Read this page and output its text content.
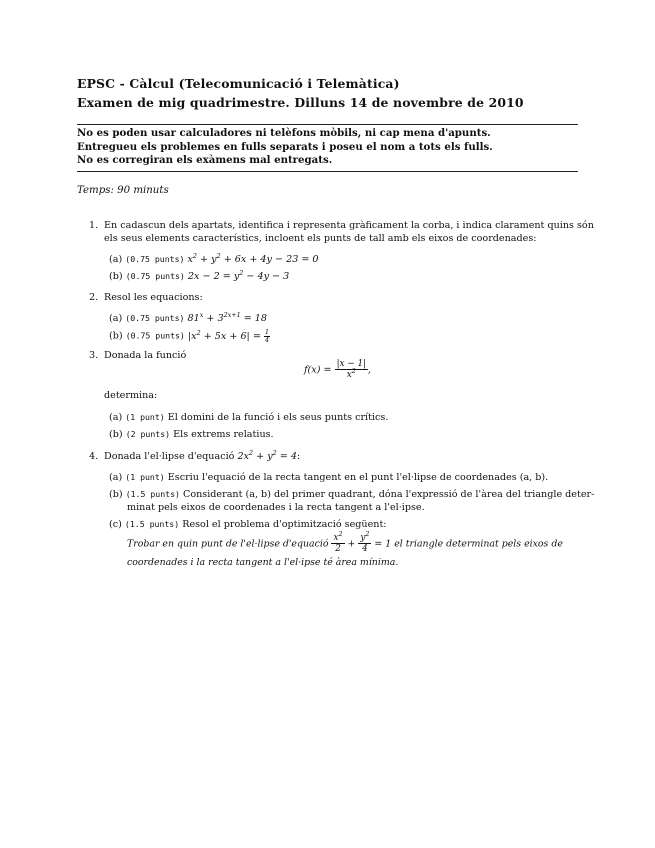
EPSC - Càlcul (Telecomunicació i Telemàtica)
Examen de mig quadrimestre. Dilluns 14 de novembre de 2010
No es poden usar calculadores ni telèfons mòbils, ni cap mena d'apunts.
Entregueu els problemes en fulls separats i poseu el nom a tots els fulls.
No es corregiran els exàmens mal entregats.
Temps: 90 minuts
1. En cadascun dels apartats, identifica i representa gràficament la corba, i indica clarament quins són
els seus elements característics, incloent els punts de tall amb els eixos de coordenades:
(a) (0.75 punts) $x^2 + y^2 + 6x + 4y - 23 = 0$
(b) (0.75 punts) $2x - 2 = y^2 - 4y - 3$
2. Resol les equacions:
(a) (0.75 punts) $81^x + 3^{2x+1} = 18$
(b) (0.75 punts) $|x^2 + 5x + 6| = \frac{1}{4}$
3. Donada la funció
$f(x) = \frac{|x - 1|}{x^2}$ ,
determina:
(a) (1 punt) El domini de la funció i els seus punts crítics.
(b) (2 punts) Els extrems relatius.
4. Donada l'el·lipse d'equació $2x^2 + y^2 = 4$:
(a) (1 punt) Escriu l'equació de la recta tangent en el punt l'el·lipse de coordenades (a, b).
(b) (1.5 punts) Considerant (a, b) del primer quadrant, dóna l'expressió de l'àrea del triangle deter-
minat pels eixos de coordenades i la recta tangent a l'el·ipse.
(c) (1.5 punts) Resol el problema d'optimització següent:
Trobar en quin punt de l'el·lipse d'equació $\frac{x^2}{2} + \frac{y^2}{4} = 1$ el triangle determinat pels eixos de
coordenades i la recta tangent a l'el·ipse té àrea mínima.
